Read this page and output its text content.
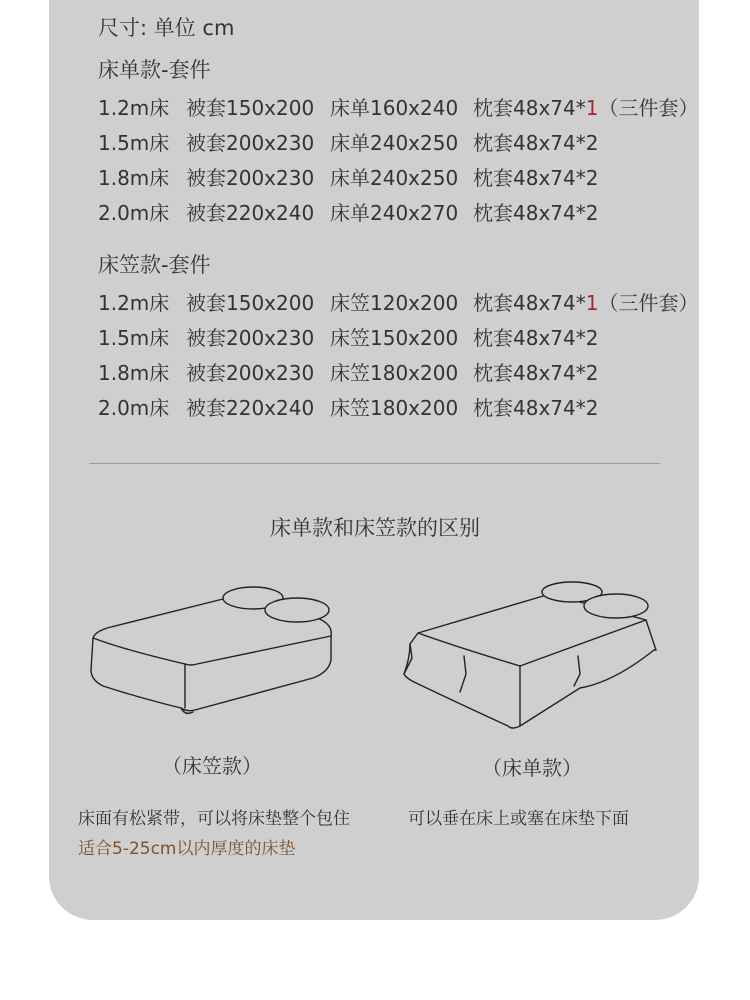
尺寸: 单位 cm
床单款-套件
1.2m床 被套150x200 床单160x240 枕套48x74*1（三件套）
1.5m床 被套200x230 床单240x250 枕套48x74*2
1.8m床 被套200x230 床单240x250 枕套48x74*2
2.0m床 被套220x240 床单240x270 枕套48x74*2
床笠款-套件
1.2m床 被套150x200 床笠120x200 枕套48x74*1（三件套）
1.5m床 被套200x230 床笠150x200 枕套48x74*2
1.8m床 被套200x230 床笠180x200 枕套48x74*2
2.0m床 被套220x240 床笠180x200 枕套48x74*2
床单款和床笠款的区别
（床笠款）	（床单款）
床面有松紧带，可以将床垫整个包住
适合5-25cm以内厚度的床垫
可以垂在床上或塞在床垫下面
